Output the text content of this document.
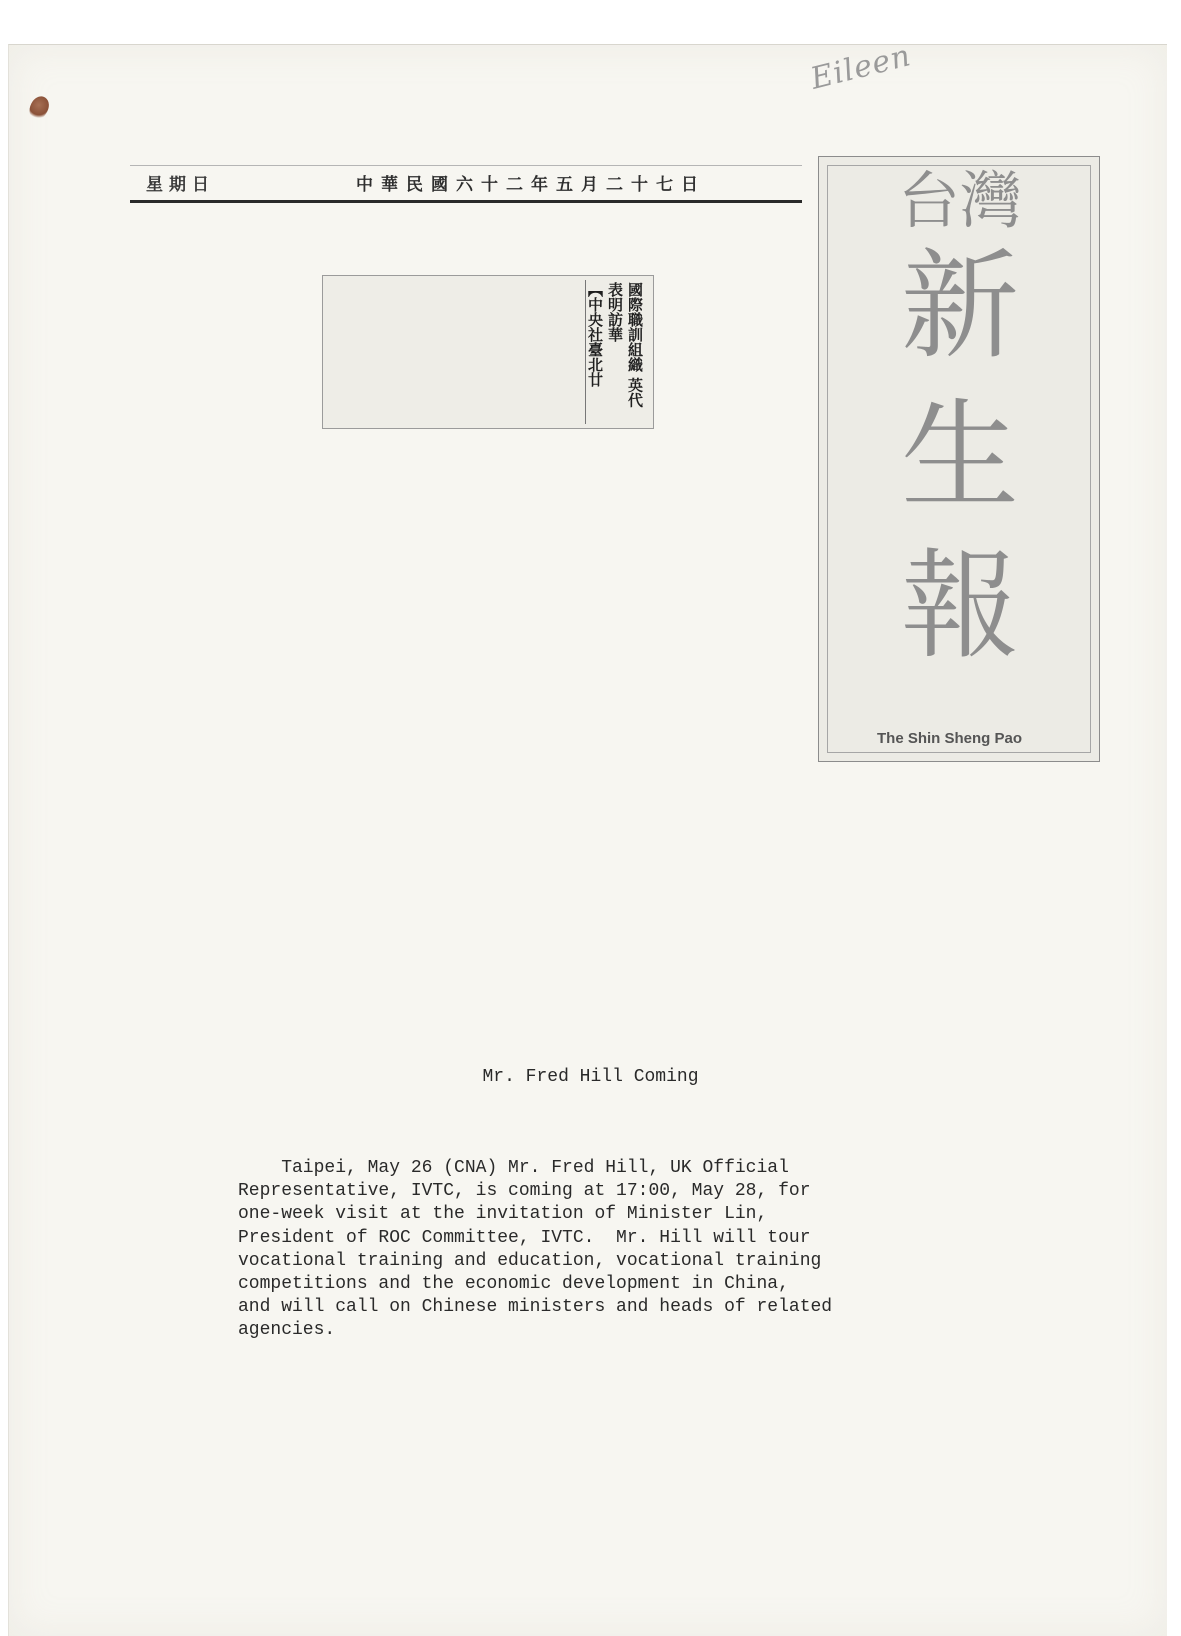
Eileen
星期日	中華民國六十二年五月二十七日
國際職訓組織 英代表明訪華
【中央社臺北廿
台灣
新生報
The Shin Sheng Pao
Mr. Fred Hill Coming
Taipei, May 26 (CNA) Mr. Fred Hill, UK Official
Representative, IVTC, is coming at 17:00, May 28, for
one-week visit at the invitation of Minister Lin,
President of ROC Committee, IVTC.  Mr. Hill will tour
vocational training and education, vocational training
competitions and the economic development in China,
and will call on Chinese ministers and heads of related
agencies.
